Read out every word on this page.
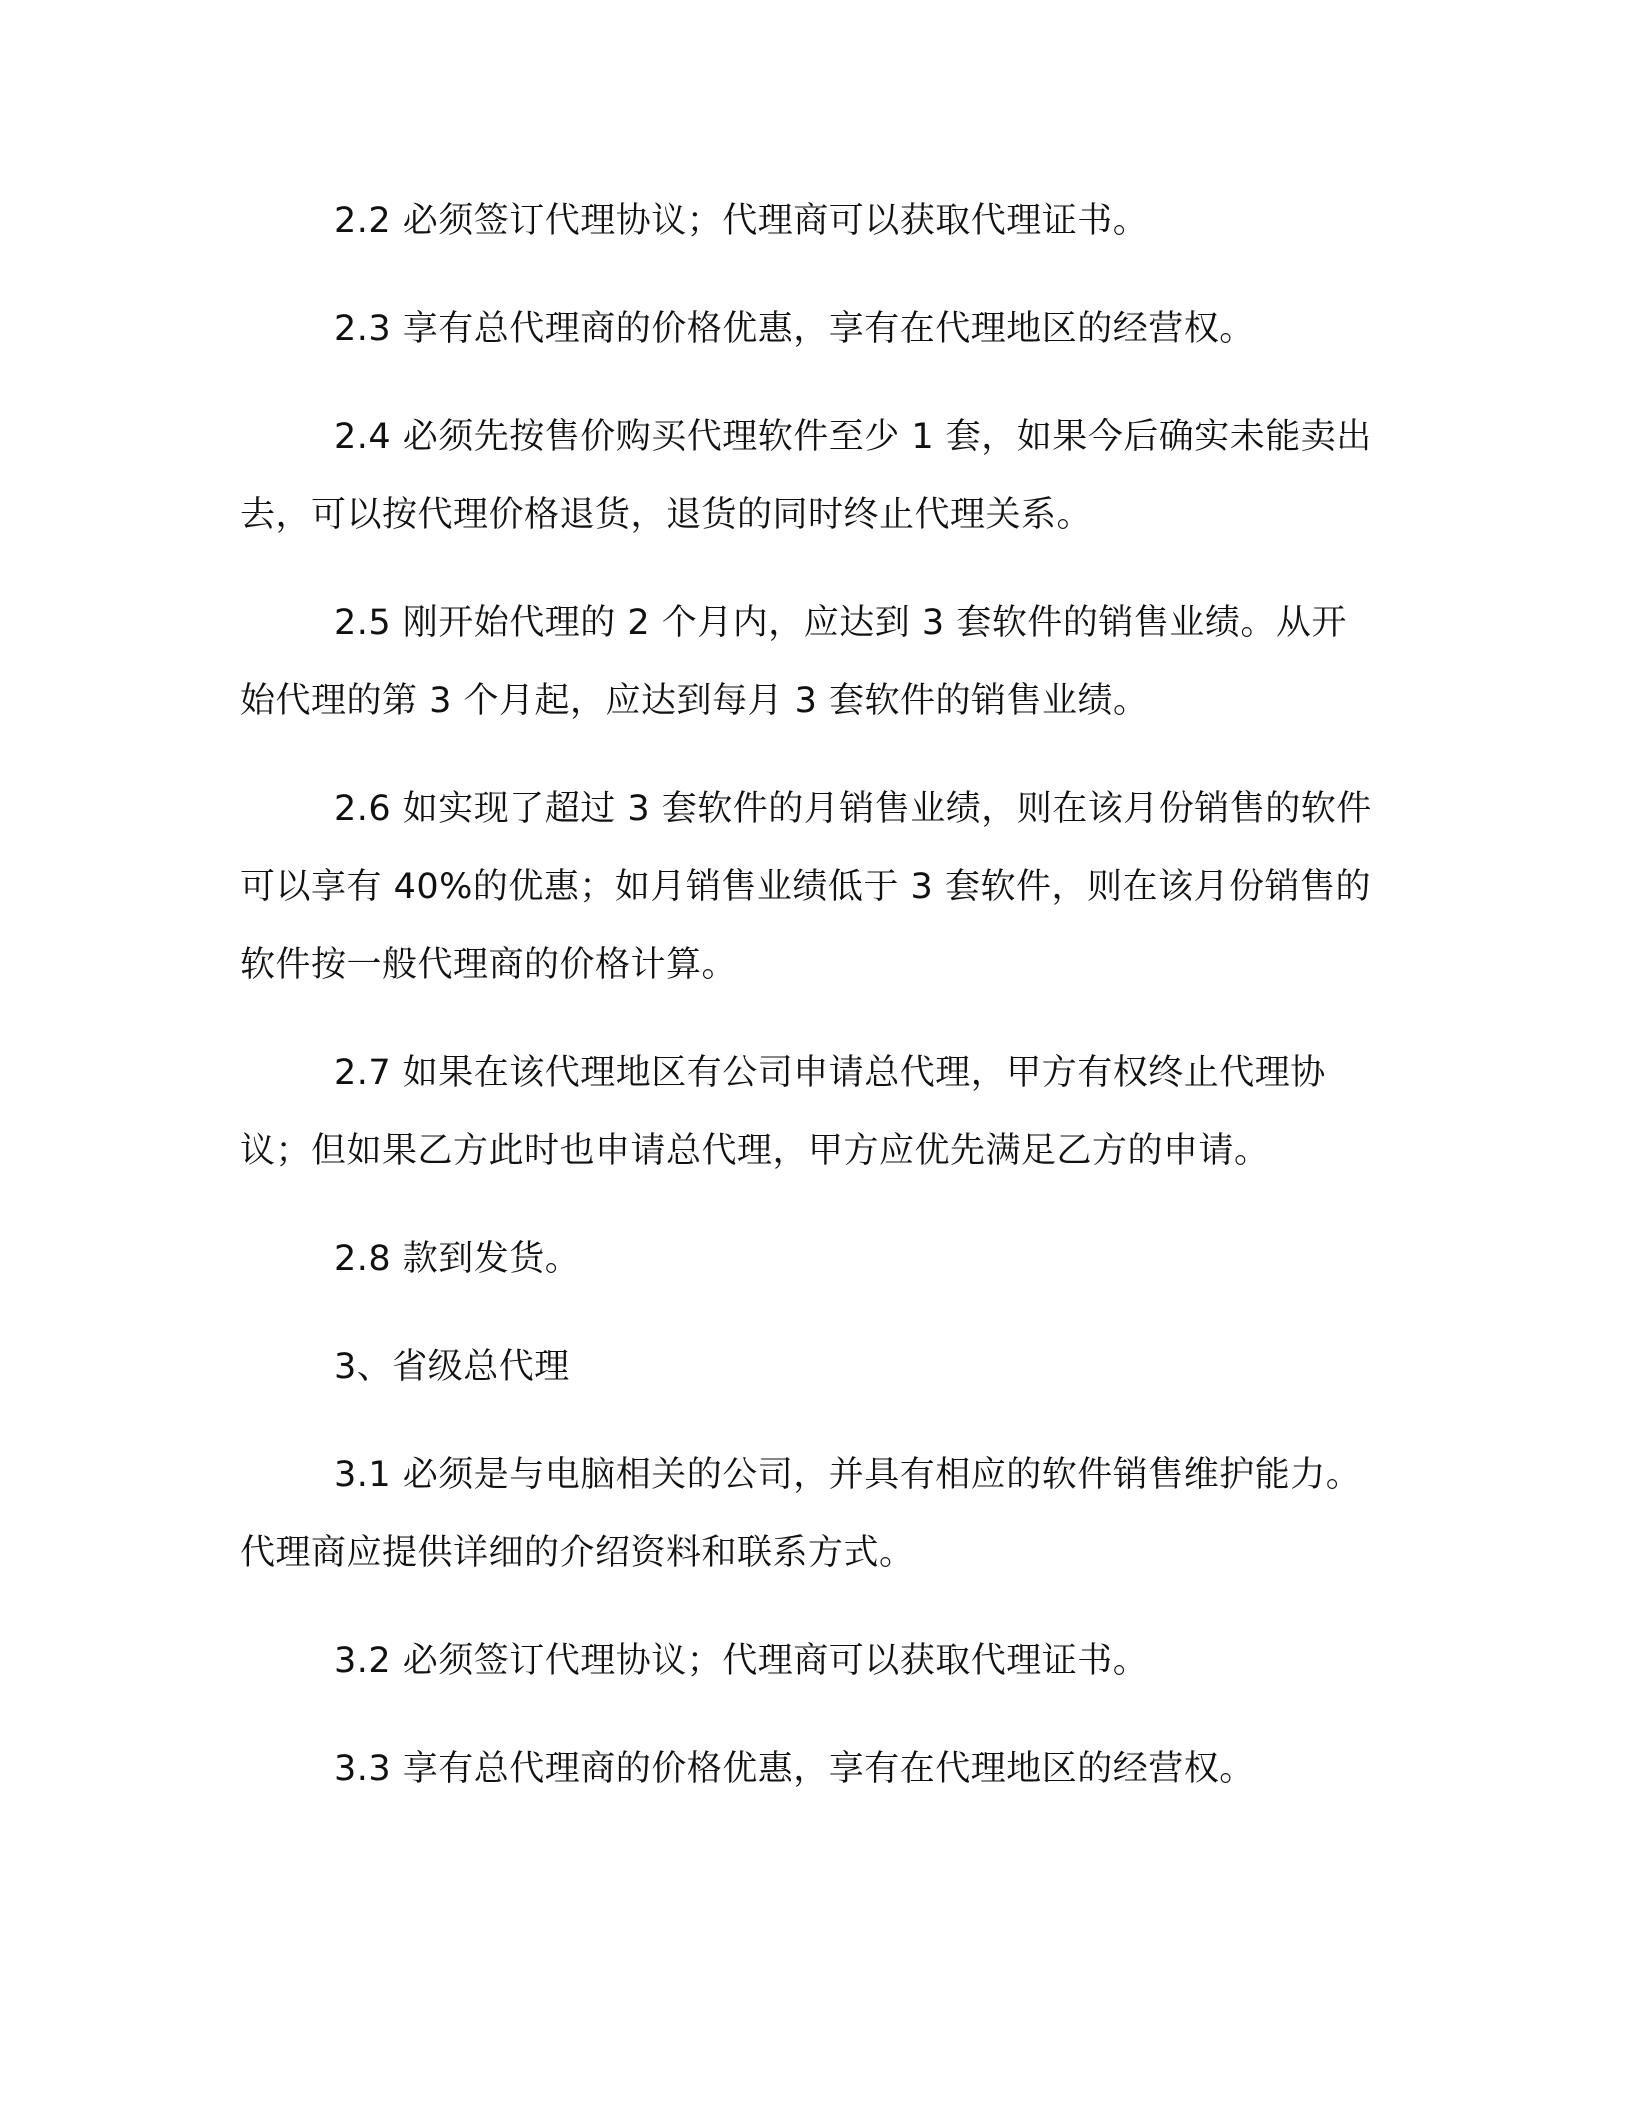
2.2 必须签订代理协议；代理商可以获取代理证书。

2.3 享有总代理商的价格优惠，享有在代理地区的经营权。

2.4 必须先按售价购买代理软件至少 1 套，如果今后确实未能卖出去，可以按代理价格退货，退货的同时终止代理关系。

2.5 刚开始代理的 2 个月内，应达到 3 套软件的销售业绩。从开始代理的第 3 个月起，应达到每月 3 套软件的销售业绩。

2.6 如实现了超过 3 套软件的月销售业绩，则在该月份销售的软件可以享有 40%的优惠；如月销售业绩低于 3 套软件，则在该月份销售的软件按一般代理商的价格计算。

2.7 如果在该代理地区有公司申请总代理，甲方有权终止代理协议；但如果乙方此时也申请总代理，甲方应优先满足乙方的申请。

2.8 款到发货。

3、省级总代理

3.1 必须是与电脑相关的公司，并具有相应的软件销售维护能力。代理商应提供详细的介绍资料和联系方式。

3.2 必须签订代理协议；代理商可以获取代理证书。

3.3 享有总代理商的价格优惠，享有在代理地区的经营权。
